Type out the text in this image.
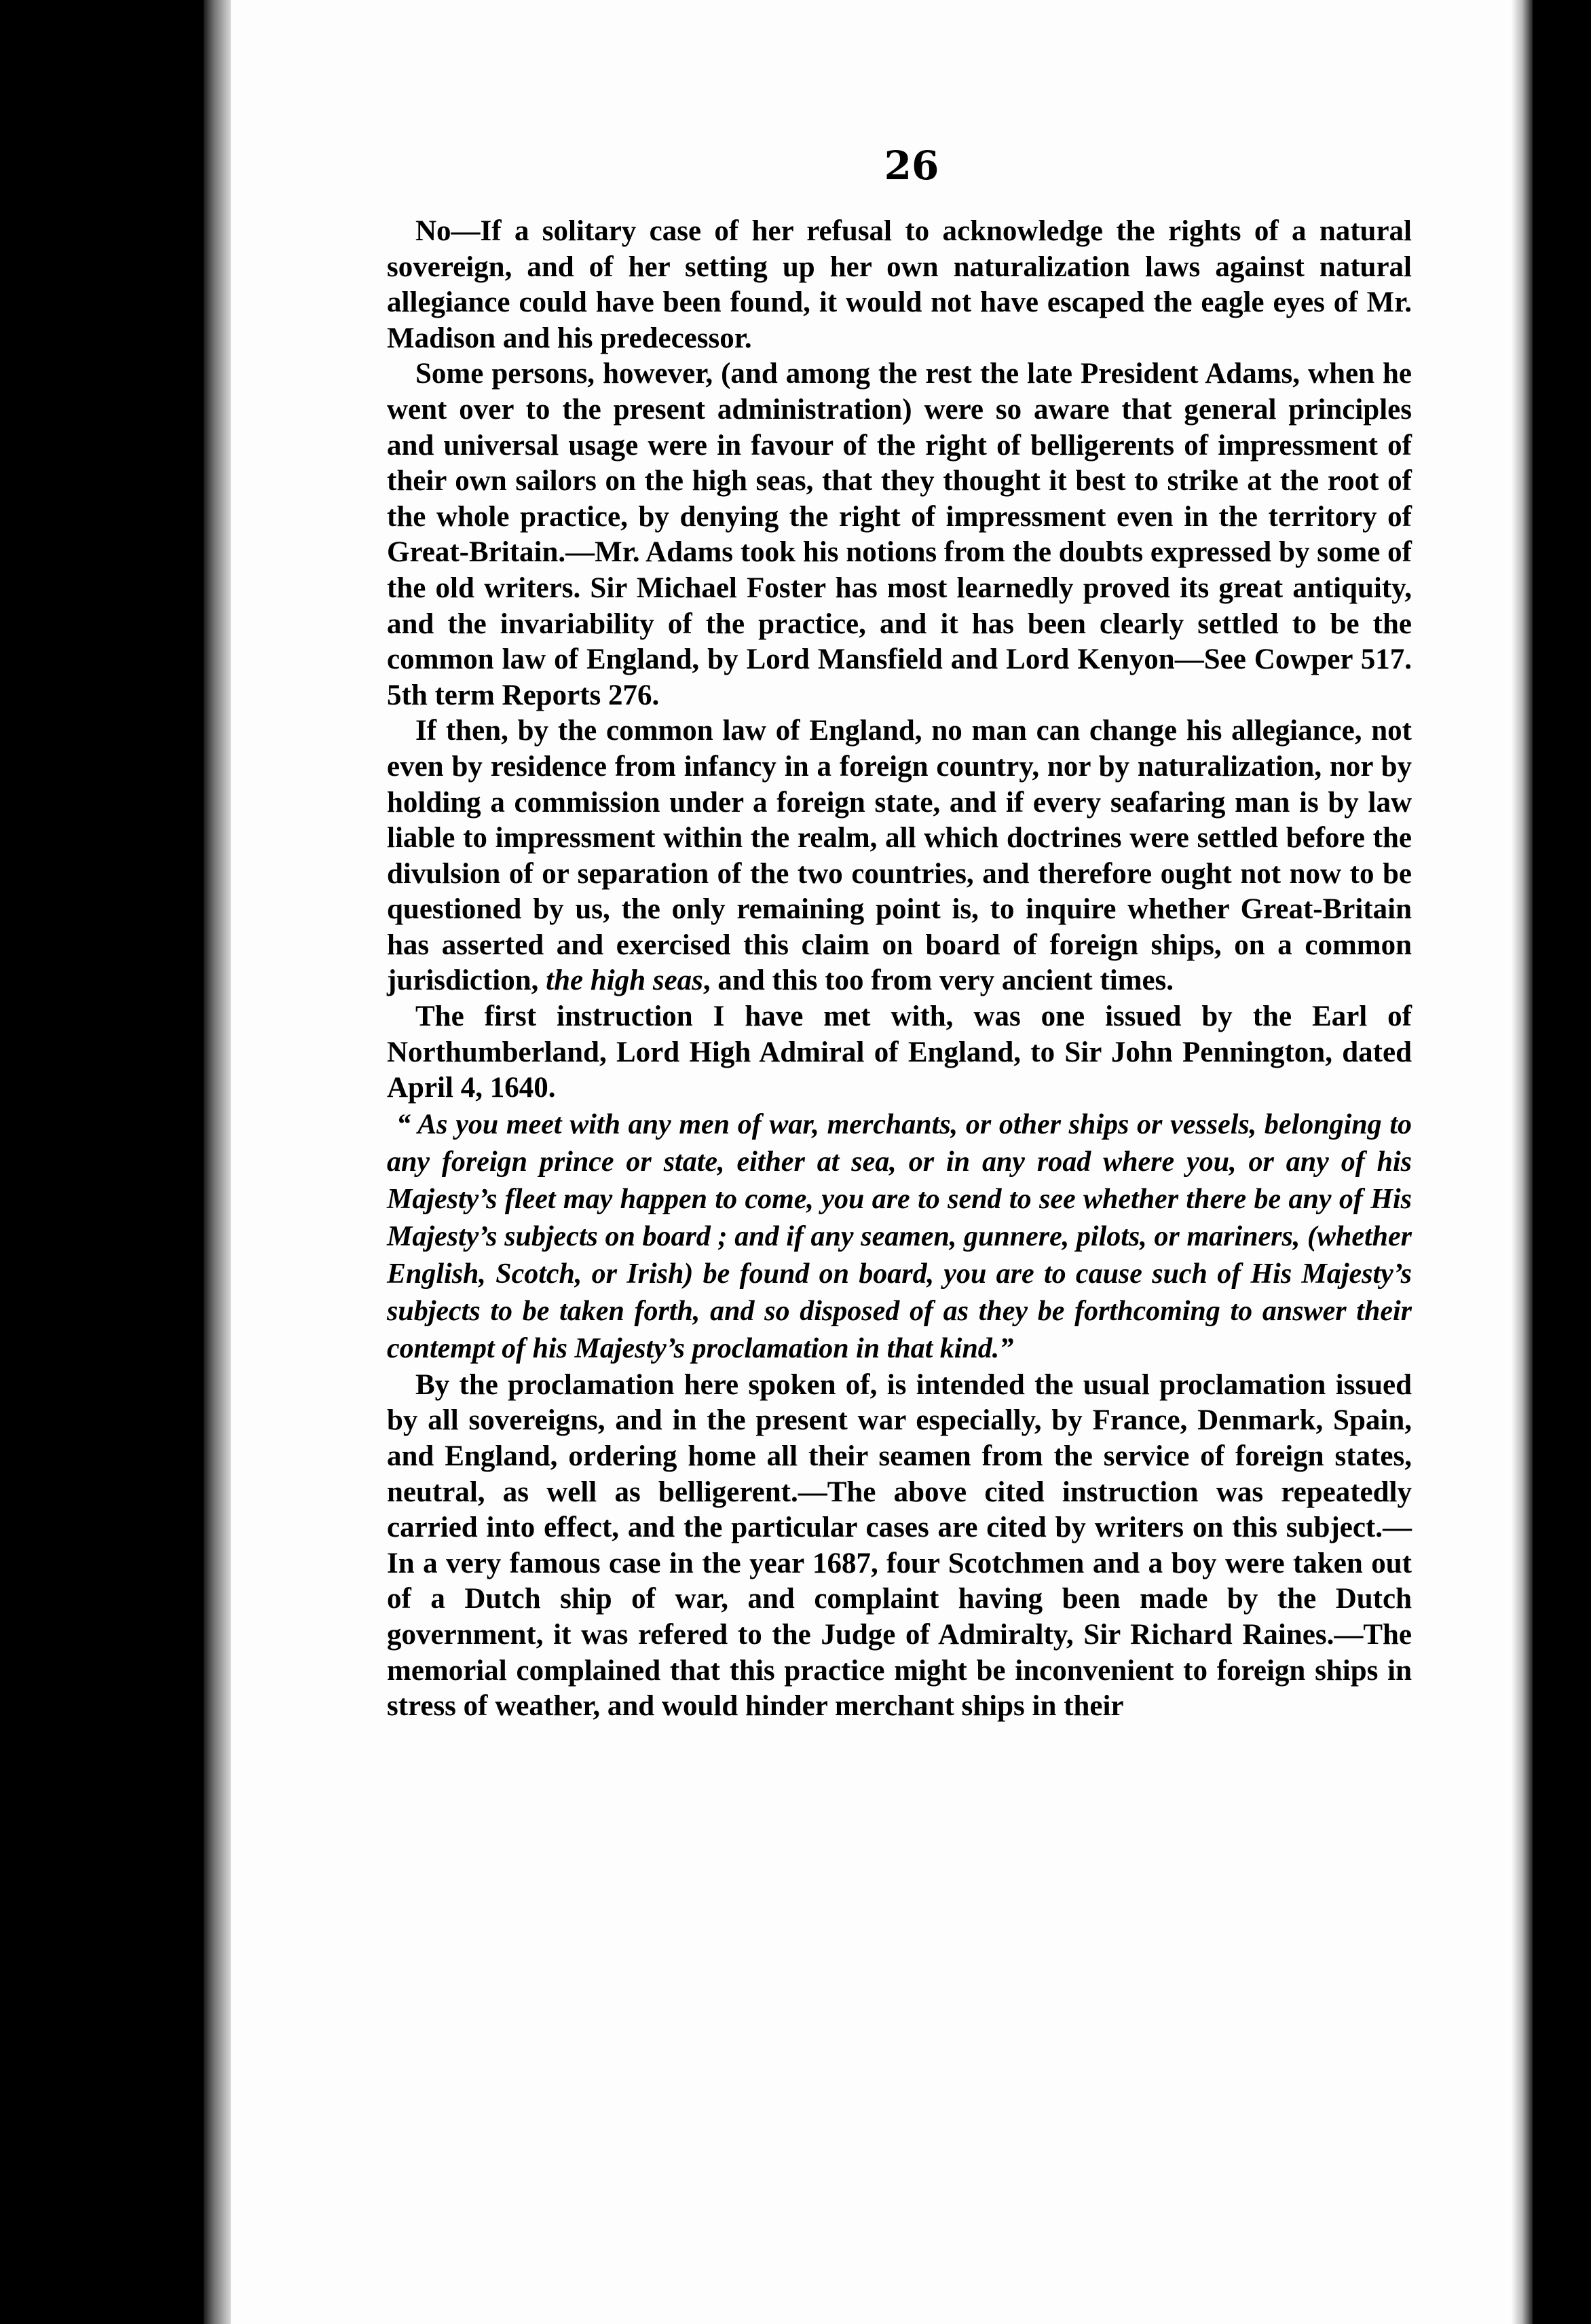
26

No—If a solitary case of her refusal to acknowledge the rights of a natural sovereign, and of her setting up her own naturalization laws against natural allegiance could have been found, it would not have escaped the eagle eyes of Mr. Madison and his predecessor.

Some persons, however, (and among the rest the late President Adams, when he went over to the present administration) were so aware that general principles and universal usage were in favour of the right of belligerents of impressment of their own sailors on the high seas, that they thought it best to strike at the root of the whole practice, by denying the right of impressment even in the territory of Great-Britain.—Mr. Adams took his notions from the doubts expressed by some of the old writers. Sir Michael Foster has most learnedly proved its great antiquity, and the invariability of the practice, and it has been clearly settled to be the common law of England, by Lord Mansfield and Lord Kenyon—See Cowper 517. 5th term Reports 276.

If then, by the common law of England, no man can change his allegiance, not even by residence from infancy in a foreign country, nor by naturalization, nor by holding a commission under a foreign state, and if every seafaring man is by law liable to impressment within the realm, all which doctrines were settled before the divulsion of or separation of the two countries, and therefore ought not now to be questioned by us, the only remaining point is, to inquire whether Great-Britain has asserted and exercised this claim on board of foreign ships, on a common jurisdiction, the high seas, and this too from very ancient times.

The first instruction I have met with, was one issued by the Earl of Northumberland, Lord High Admiral of England, to Sir John Pennington, dated April 4, 1640.

“ As you meet with any men of war, merchants, or other ships or vessels, belonging to any foreign prince or state, either at sea, or in any road where you, or any of his Majesty’s fleet may happen to come, you are to send to see whether there be any of His Majesty’s subjects on board ; and if any seamen, gunnere, pilots, or mariners, (whether English, Scotch, or Irish) be found on board, you are to cause such of His Majesty’s subjects to be taken forth, and so disposed of as they be forthcoming to answer their contempt of his Majesty’s proclamation in that kind.”

By the proclamation here spoken of, is intended the usual proclamation issued by all sovereigns, and in the present war especially, by France, Denmark, Spain, and England, ordering home all their seamen from the service of foreign states, neutral, as well as belligerent.—The above cited instruction was repeatedly carried into effect, and the particular cases are cited by writers on this subject.—In a very famous case in the year 1687, four Scotchmen and a boy were taken out of a Dutch ship of war, and complaint having been made by the Dutch government, it was refered to the Judge of Admiralty, Sir Richard Raines.—The memorial complained that this practice might be inconvenient to foreign ships in stress of weather, and would hinder merchant ships in their
